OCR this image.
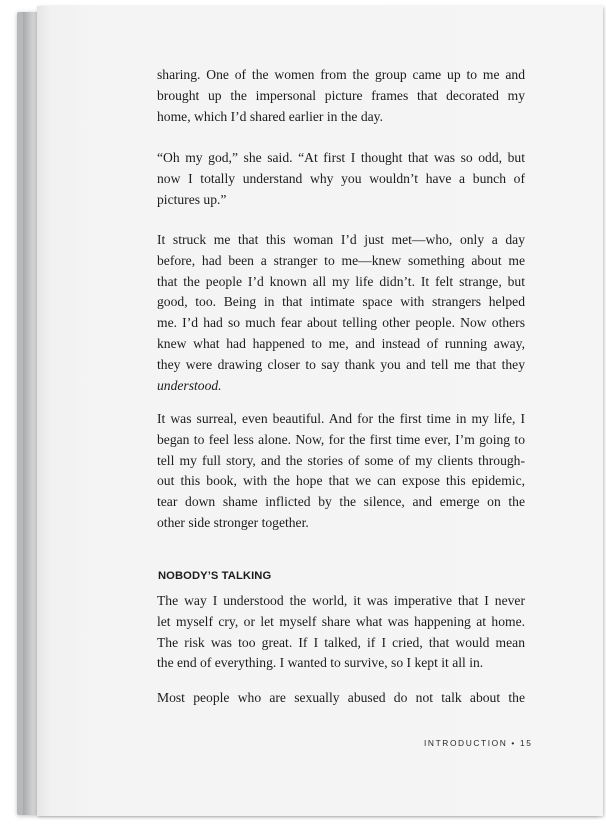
sharing. One of the women from the group came up to me and
brought up the impersonal picture frames that decorated my
home, which I’d shared earlier in the day.
“Oh my god,” she said. “At first I thought that was so odd, but
now I totally understand why you wouldn’t have a bunch of
pictures up.”
It struck me that this woman I’d just met—who, only a day
before, had been a stranger to me—knew something about me
that the people I’d known all my life didn’t. It felt strange, but
good, too. Being in that intimate space with strangers helped
me. I’d had so much fear about telling other people. Now others
knew what had happened to me, and instead of running away,
they were drawing closer to say thank you and tell me that they
understood.
It was surreal, even beautiful. And for the first time in my life, I
began to feel less alone. Now, for the first time ever, I’m going to
tell my full story, and the stories of some of my clients through-
out this book, with the hope that we can expose this epidemic,
tear down shame inflicted by the silence, and emerge on the
other side stronger together.
NOBODY’S TALKING
The way I understood the world, it was imperative that I never
let myself cry, or let myself share what was happening at home.
The risk was too great. If I talked, if I cried, that would mean
the end of everything. I wanted to survive, so I kept it all in.
Most people who are sexually abused do not talk about the
INTRODUCTION • 15
